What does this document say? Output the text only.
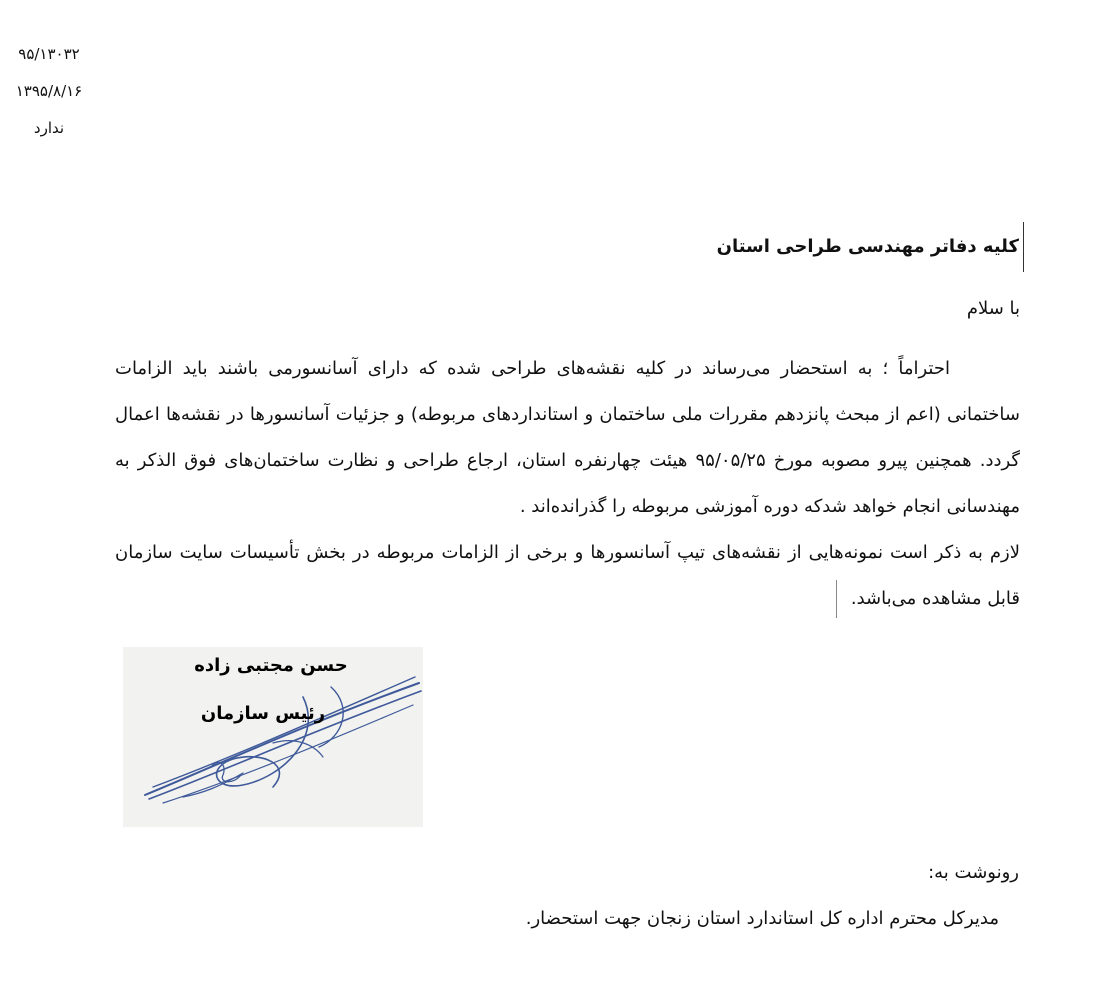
۹۵/۱۳۰۳۲
۱۳۹۵/۸/۱۶
ندارد
کلیه دفاتر مهندسی طراحی استان
با سلام

احتراماً ؛ به استحضار می‌رساند در کلیه نقشه‌های طراحی شده که دارای آسانسورمی باشند باید الزامات ساختمانی (اعم از مبحث پانزدهم مقررات ملی ساختمان و استانداردهای مربوطه) و جزئیات آسانسورها در نقشه‌ها اعمال گردد. همچنین پیرو مصوبه مورخ ۹۵/۰۵/۲۵ هیئت چهارنفره استان، ارجاع طراحی و نظارت ساختمان‌های فوق الذکر به مهندسانی انجام خواهد شدکه دوره آموزشی مربوطه را گذرانده‌اند .

لازم به ذکر است نمونه‌هایی از نقشه‌های تیپ آسانسورها و برخی از الزامات مربوطه در بخش تأسیسات سایت سازمان قابل مشاهده می‌باشد.

حسن مجتبی زاده
رئیس سازمان
رونوشت به:
مدیرکل محترم اداره کل استاندارد استان زنجان جهت استحضار.
